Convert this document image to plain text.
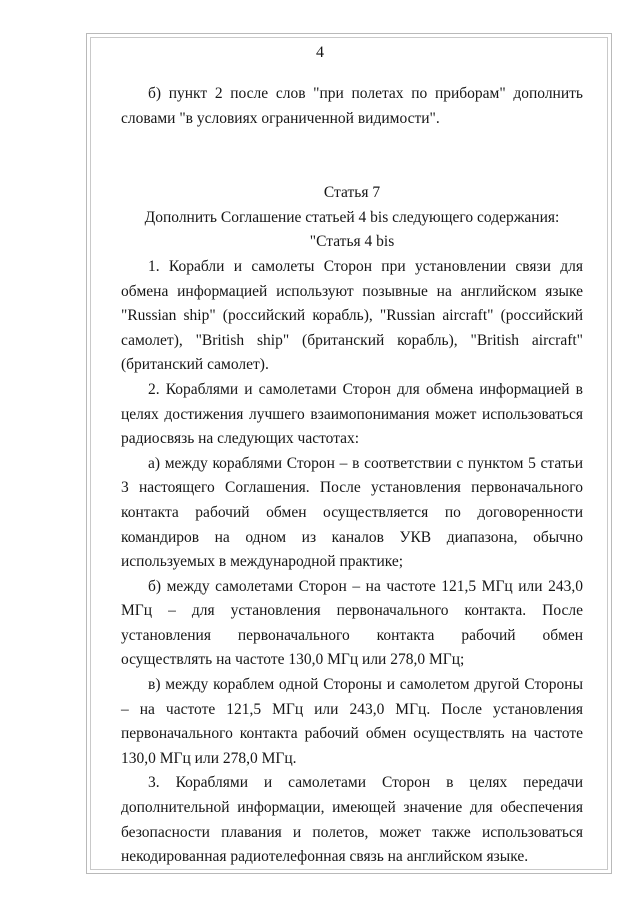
4

б) пункт 2 после слов "при полетах по приборам" дополнить словами "в условиях ограниченной видимости".

Статья 7

Дополнить Соглашение статьей 4 bis следующего содержания:

"Статья 4 bis

1. Корабли и самолеты Сторон при установлении связи для обмена информацией используют позывные на английском языке "Russian ship" (российский корабль), "Russian aircraft" (российский самолет), "British ship" (британский корабль), "British aircraft" (британский самолет).

2. Кораблями и самолетами Сторон для обмена информацией в целях достижения лучшего взаимопонимания может использоваться радиосвязь на следующих частотах:

а) между кораблями Сторон – в соответствии с пунктом 5 статьи 3 настоящего Соглашения. После установления первоначального контакта рабочий обмен осуществляется по договоренности командиров на одном из каналов УКВ диапазона, обычно используемых в международной практике;

б) между самолетами Сторон – на частоте 121,5 МГц или 243,0 МГц – для установления первоначального контакта. После установления первоначального контакта рабочий обмен осуществлять на частоте 130,0 МГц или 278,0 МГц;

в) между кораблем одной Стороны и самолетом другой Стороны – на частоте 121,5 МГц или 243,0 МГц. После установления первоначального контакта рабочий обмен осуществлять на частоте 130,0 МГц или 278,0 МГц.

3. Кораблями и самолетами Сторон в целях передачи дополнительной информации, имеющей значение для обеспечения безопасности плавания и полетов, может также использоваться некодированная радиотелефонная связь на английском языке.
